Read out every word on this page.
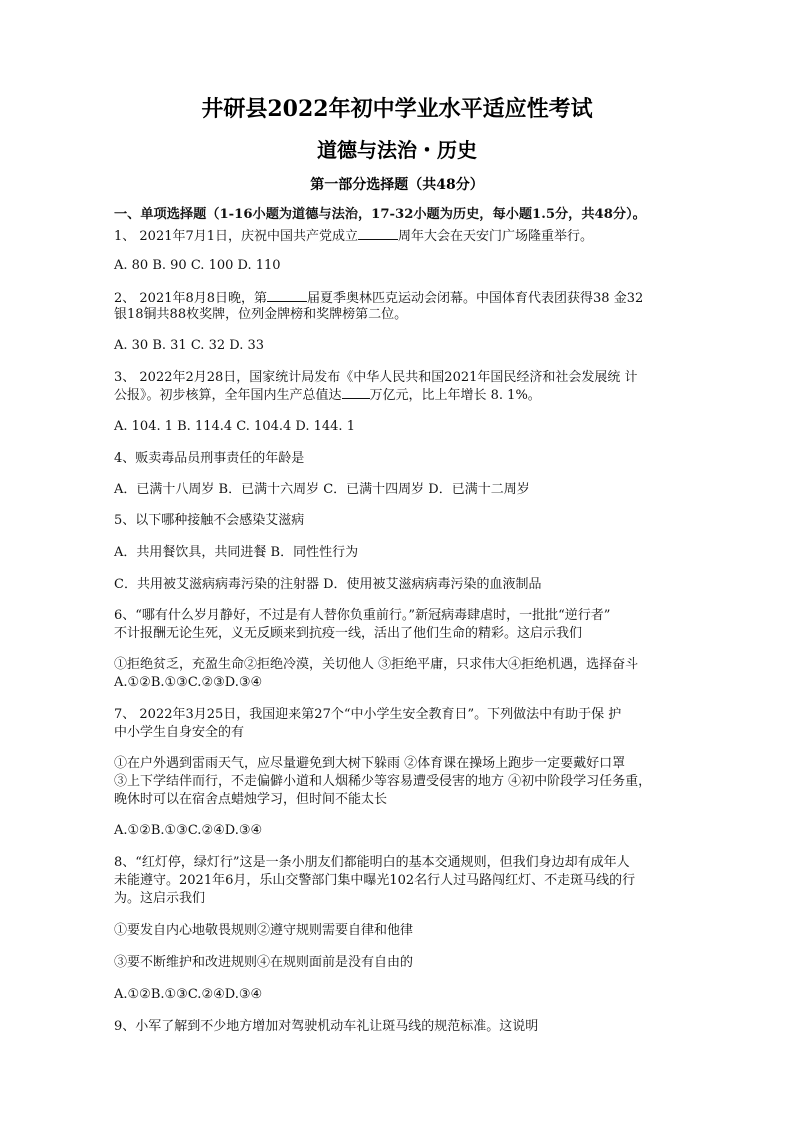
井研县2022年初中学业水平适应性考试
道德与法治・历史
第一部分选择题（共48分）
一、单项选择题（1-16小题为道德与法治，17-32小题为历史，每小题1.5分，共48分）。
1、 2021年7月1日，庆祝中国共产党成立	周年大会在天安门广场隆重举行。
A. 80 B. 90 C. 100 D. 110
2、 2021年8月8日晚，第	届夏季奥林匹克运动会闭幕。中国体育代表团获得38 金32
银18铜共88枚奖牌，位列金牌榜和奖牌榜第二位。
A. 30 B. 31 C. 32 D. 33
3、 2022年2月28日，国家统计局发布《中华人民共和国2021年国民经济和社会发展统 计
公报》。初步核算，全年国内生产总值达 万亿元，比上年增长 8. 1%。
A. 104. 1 B. 114.4 C. 104.4 D. 144. 1
4、贩卖毒品员刑事责任的年龄是
A．已满十八周岁 B．已满十六周岁 C．已满十四周岁 D．已满十二周岁
5、以下哪种接触不会感染艾滋病
A．共用餐饮具，共同进餐 B．同性性行为
C．共用被艾滋病病毒污染的注射器 D．使用被艾滋病病毒污染的血液制品
6、“哪有什么岁月静好，不过是有人替你负重前行。”新冠病毒肆虐时，一批批“逆行者”
不计报酬无论生死，义无反顾来到抗疫一线，活出了他们生命的精彩。这启示我们
①拒绝贫乏，充盈生命②拒绝冷漠，关切他人 ③拒绝平庸，只求伟大④拒绝机遇，选择奋斗
A.①②B.①③C.②③D.③④
7、 2022年3月25日，我国迎来第27个“中小学生安全教育日”。下列做法中有助于保 护
中小学生自身安全的有
①在户外遇到雷雨天气，应尽量避免到大树下躲雨 ②体育课在操场上跑步一定要戴好口罩
③上下学结伴而行，不走偏僻小道和人烟稀少等容易遭受侵害的地方 ④初中阶段学习任务重，
晚休时可以在宿舍点蜡烛学习，但时间不能太长
A.①②B.①③C.②④D.③④
8、“红灯停，绿灯行”这是一条小朋友们都能明白的基本交通规则，但我们身边却有成年人
未能遵守。2021年6月，乐山交警部门集中曝光102名行人过马路闯红灯、不走斑马线的行
为。这启示我们
①要发自内心地敬畏规则②遵守规则需要自律和他律
③要不断维护和改进规则④在规则面前是没有自由的
A.①②B.①③C.②④D.③④
9、小军了解到不少地方增加对驾驶机动车礼让斑马线的规范标准。这说明
